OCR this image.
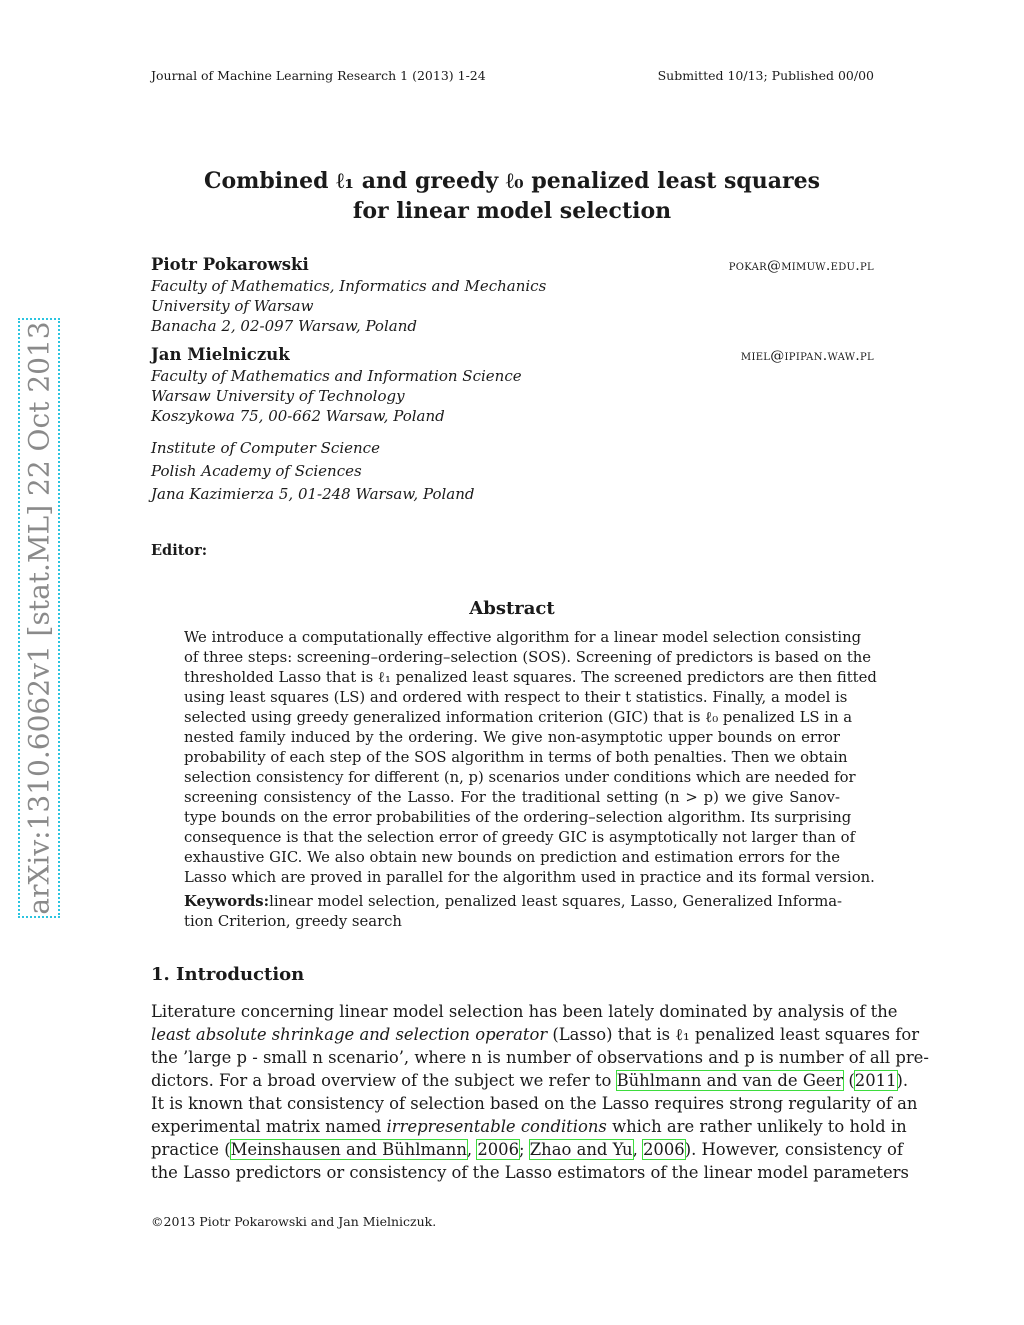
Journal of Machine Learning Research 1 (2013) 1-24	Submitted 10/13; Published 00/00
arXiv:1310.6062v1 [stat.ML] 22 Oct 2013
Combined ℓ₁ and greedy ℓ₀ penalized least squares
for linear model selection
Piotr Pokarowski	pokar@mimuw.edu.pl
Faculty of Mathematics, Informatics and Mechanics
University of Warsaw
Banacha 2, 02-097 Warsaw, Poland
Jan Mielniczuk	miel@ipipan.waw.pl
Faculty of Mathematics and Information Science
Warsaw University of Technology
Koszykowa 75, 00-662 Warsaw, Poland
Institute of Computer Science
Polish Academy of Sciences
Jana Kazimierza 5, 01-248 Warsaw, Poland
Editor:
Abstract
We introduce a computationally effective algorithm for a linear model selection consisting
of three steps: screening–ordering–selection (SOS). Screening of predictors is based on the
thresholded Lasso that is ℓ₁ penalized least squares. The screened predictors are then fitted
using least squares (LS) and ordered with respect to their t statistics. Finally, a model is
selected using greedy generalized information criterion (GIC) that is ℓ₀ penalized LS in a
nested family induced by the ordering. We give non-asymptotic upper bounds on error
probability of each step of the SOS algorithm in terms of both penalties. Then we obtain
selection consistency for different (n, p) scenarios under conditions which are needed for
screening consistency of the Lasso. For the traditional setting (n > p) we give Sanov-
type bounds on the error probabilities of the ordering–selection algorithm. Its surprising
consequence is that the selection error of greedy GIC is asymptotically not larger than of
exhaustive GIC. We also obtain new bounds on prediction and estimation errors for the
Lasso which are proved in parallel for the algorithm used in practice and its formal version.
Keywords: linear model selection, penalized least squares, Lasso, Generalized Informa-
tion Criterion, greedy search
1. Introduction
Literature concerning linear model selection has been lately dominated by analysis of the
least absolute shrinkage and selection operator (Lasso) that is ℓ₁ penalized least squares for
the ’large p - small n scenario’, where n is number of observations and p is number of all pre-
dictors. For a broad overview of the subject we refer to Bühlmann and van de Geer (2011).
It is known that consistency of selection based on the Lasso requires strong regularity of an
experimental matrix named irrepresentable conditions which are rather unlikely to hold in
practice (Meinshausen and Bühlmann, 2006; Zhao and Yu, 2006). However, consistency of
the Lasso predictors or consistency of the Lasso estimators of the linear model parameters
©2013 Piotr Pokarowski and Jan Mielniczuk.
